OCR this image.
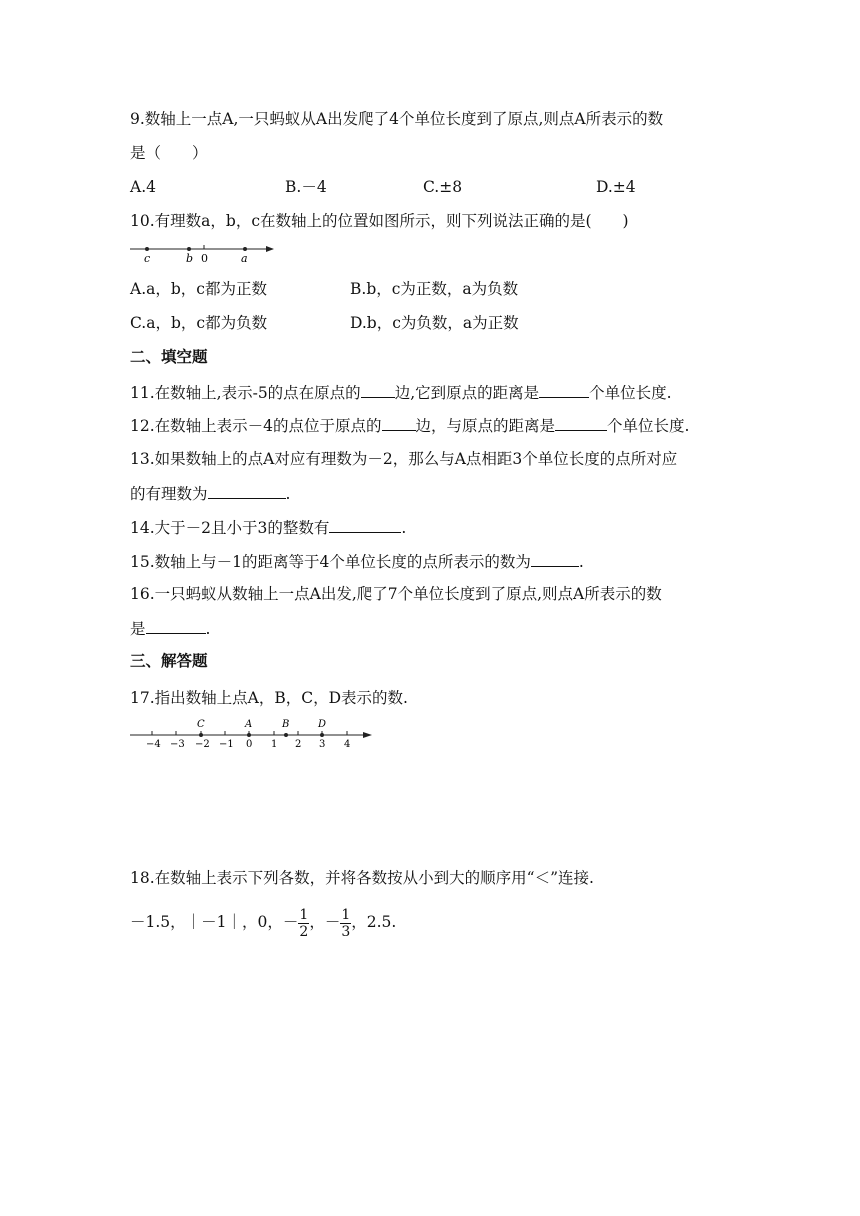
9.数轴上一点A,一只蚂蚁从A出发爬了4个单位长度到了原点,则点A所表示的数
是（　　）
A.4	B.－4	C.±8	D.±4
10.有理数a，b，c在数轴上的位置如图所示，则下列说法正确的是(　　)
c	b 0	a
A.a，b，c都为正数	B.b，c为正数，a为负数
C.a，b，c都为负数	D.b，c为负数，a为正数
二、填空题
11.在数轴上,表示-5的点在原点的 边,它到原点的距离是	个单位长度.
12.在数轴上表示－4的点位于原点的 边，与原点的距离是	个单位长度.
13.如果数轴上的点A对应有理数为－2，那么与A点相距3个单位长度的点所对应
的有理数为	.
14.大于－2且小于3的整数有	.
15.数轴上与－1的距离等于4个单位长度的点所表示的数为	.
16.一只蚂蚁从数轴上一点A出发,爬了7个单位长度到了原点,则点A所表示的数
是	.
三、解答题
17.指出数轴上点A，B，C，D表示的数.
C	A	B	D
−4 −3 −2 −1 0 1 2 3 4
18.在数轴上表示下列各数，并将各数按从小到大的顺序用“＜”连接.
－1.5，｜－1｜，0，－ $\frac{1}{2}$ ，－ $\frac{1}{3}$ ，2.5.
